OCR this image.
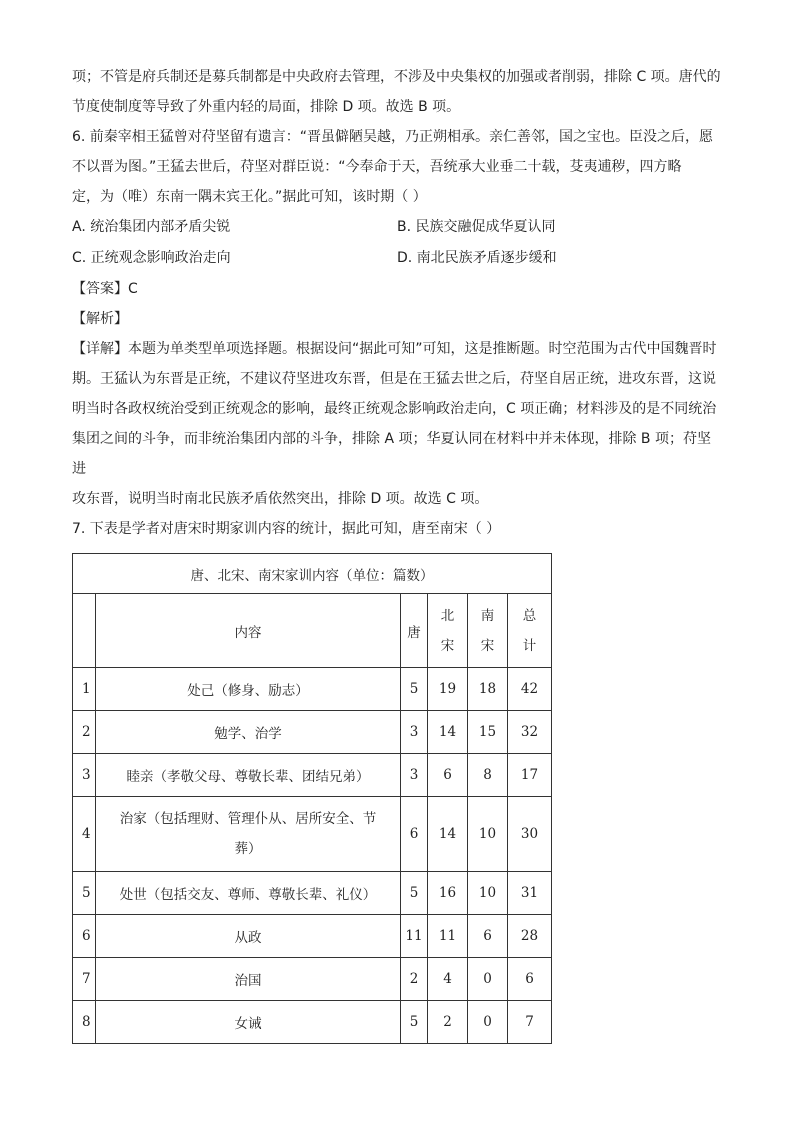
项；不管是府兵制还是募兵制都是中央政府去管理，不涉及中央集权的加强或者削弱，排除 C 项。唐代的

节度使制度等导致了外重内轻的局面，排除 D 项。故选 B 项。

6. 前秦宰相王猛曾对苻坚留有遗言：“晋虽僻陋吴越，乃正朔相承。亲仁善邻，国之宝也。臣没之后，愿

不以晋为图。”王猛去世后，苻坚对群臣说：“今奉命于天，吾统承大业垂二十载，芟夷逋秽，四方略

定，为（唯）东南一隅未宾王化。”据此可知，该时期（ ）

A. 统治集团内部矛盾尖锐	B. 民族交融促成华夏认同
C. 正统观念影响政治走向	D. 南北民族矛盾逐步缓和

【答案】C

【解析】

【详解】本题为单类型单项选择题。根据设问“据此可知”可知，这是推断题。时空范围为古代中国魏晋时

期。王猛认为东晋是正统，不建议苻坚进攻东晋，但是在王猛去世之后，苻坚自居正统，进攻东晋，这说

明当时各政权统治受到正统观念的影响，最终正统观念影响政治走向，C 项正确；材料涉及的是不同统治

集团之间的斗争，而非统治集团内部的斗争，排除 A 项；华夏认同在材料中并未体现，排除 B 项；苻坚进

攻东晋，说明当时南北民族矛盾依然突出，排除 D 项。故选 C 项。

7. 下表是学者对唐宋时期家训内容的统计，据此可知，唐至南宋（ ）

唐、北宋、南宋家训内容（单位：篇数）					
	内容	唐	北
宋	南
宋	总
计
1	处己（修身、励志）	5	19	18	42
2	勉学、治学	3	14	15	32
3	睦亲（孝敬父母、尊敬长辈、团结兄弟）	3	6	8	17
4	治家（包括理财、管理仆从、居所安全、节
葬）	6	14	10	30
5	处世（包括交友、尊师、尊敬长辈、礼仪）	5	16	10	31
6	从政	11	11	6	28
7	治国	2	4	0	6
8	女诫	5	2	0	7
